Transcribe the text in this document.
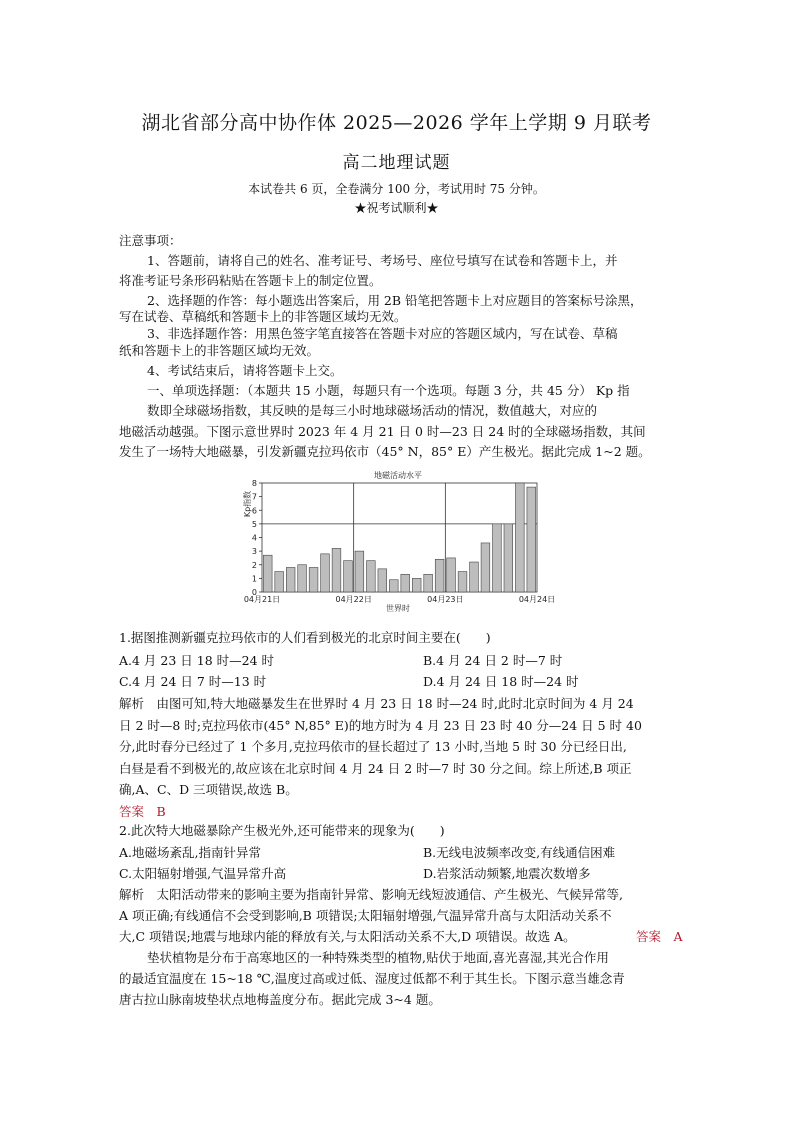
湖北省部分高中协作体 2025—2026 学年上学期 9 月联考
高二地理试题
本试卷共 6 页，全卷满分 100 分，考试用时 75 分钟。
★祝考试顺利★
注意事项：
1、答题前，请将自己的姓名、准考证号、考场号、座位号填写在试卷和答题卡上，并
将准考证号条形码粘贴在答题卡上的制定位置。
2、选择题的作答：每小题选出答案后，用 2B 铅笔把答题卡上对应题目的答案标号涂黑，
写在试卷、草稿纸和答题卡上的非答题区域均无效。
3、非选择题作答：用黑色签字笔直接答在答题卡对应的答题区域内，写在试卷、草稿
纸和答题卡上的非答题区域均无效。
4、考试结束后，请将答题卡上交。
一、单项选择题：（本题共 15 小题，每题只有一个选项。每题 3 分，共 45 分） Kp 指
数即全球磁场指数，其反映的是每三小时地球磁场活动的情况，数值越大，对应的
地磁活动越强。下图示意世界时 2023 年 4 月 21 日 0 时—23 日 24 时的全球磁场指数，其间
发生了一场特大地磁暴，引发新疆克拉玛依市（45° N，85° E）产生极光。据此完成 1~2 题。
地磁活动水平
Kp指数
世界时
0
1
2
3
4
5
6
7
8
04月21日	04月22日	04月23日	04月24日
1.据图推测新疆克拉玛依市的人们看到极光的北京时间主要在(　　)
A.4 月 23 日 18 时—24 时	B.4 月 24 日 2 时—7 时
C.4 月 24 日 7 时—13 时	D.4 月 24 日 18 时—24 时
解析　由图可知,特大地磁暴发生在世界时 4 月 23 日 18 时—24 时,此时北京时间为 4 月 24
日 2 时—8 时;克拉玛依市(45° N,85° E)的地方时为 4 月 23 日 23 时 40 分—24 日 5 时 40
分,此时春分已经过了 1 个多月,克拉玛依市的昼长超过了 13 小时,当地 5 时 30 分已经日出,
白昼是看不到极光的,故应该在北京时间 4 月 24 日 2 时—7 时 30 分之间。综上所述,B 项正
确,A、C、D 三项错误,故选 B。
答案　B
2.此次特大地磁暴除产生极光外,还可能带来的现象为(　　)
A.地磁场紊乱,指南针异常	B.无线电波频率改变,有线通信困难
C.太阳辐射增强,气温异常升高	D.岩浆活动频繁,地震次数增多
解析　太阳活动带来的影响主要为指南针异常、影响无线短波通信、产生极光、气候异常等,
A 项正确;有线通信不会受到影响,B 项错误;太阳辐射增强,气温异常升高与太阳活动关系不
大,C 项错误;地震与地球内能的释放有关,与太阳活动关系不大,D 项错误。故选 A。	答案　A
垫状植物是分布于高寒地区的一种特殊类型的植物,贴伏于地面,喜光喜湿,其光合作用
的最适宜温度在 15~18 ℃,温度过高或过低、湿度过低都不利于其生长。下图示意当雄念青
唐古拉山脉南坡垫状点地梅盖度分布。据此完成 3~4 题。
